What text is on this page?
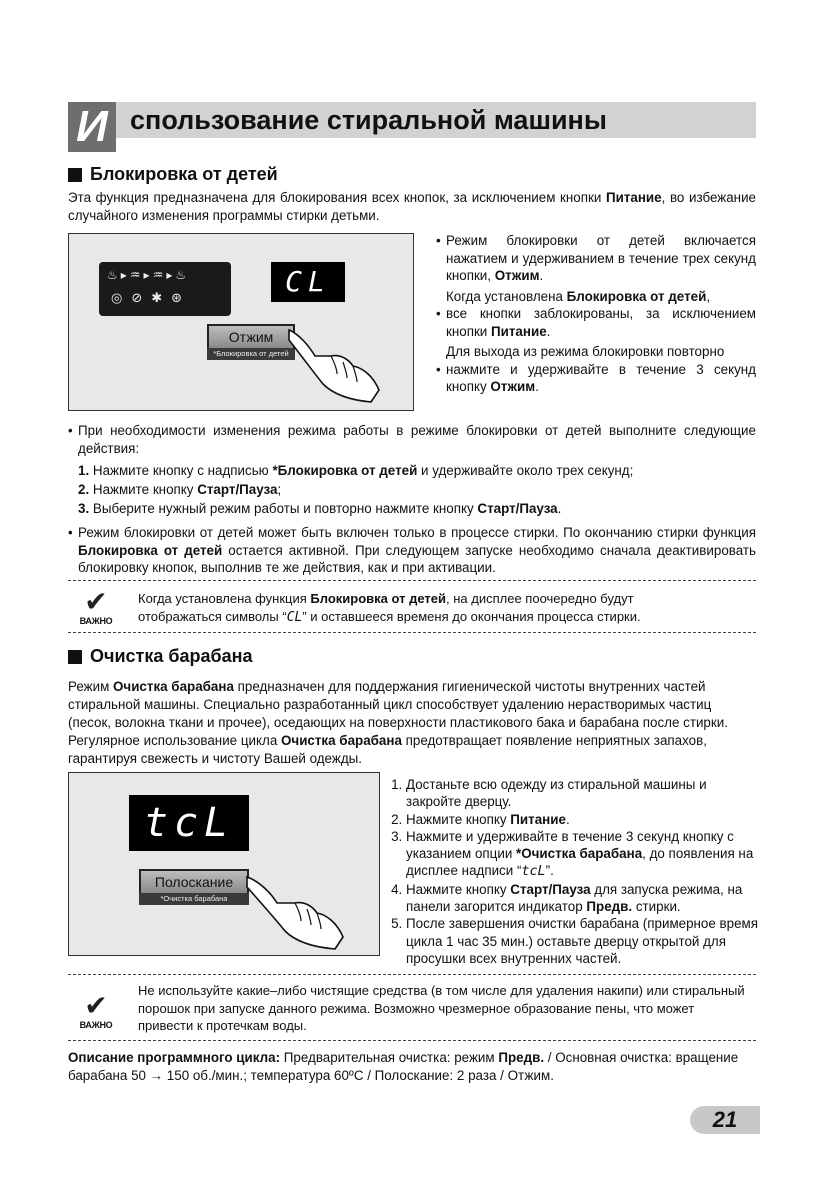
И спользование стиральной машины
Блокировка от детей
Эта функция предназначена для блокирования всех кнопок, за исключением кнопки Питание, во избежание случайного изменения программы стирки детьми.
♨▸♒▸♒▸♨
◎⊘✱⊛	CL
Отжим
*Блокировка от детей
• Режим блокировки от детей включается нажатием и удерживанием в течение трех секунд кнопки, Отжим.
Когда установлена Блокировка от детей,
• все кнопки заблокированы, за исключением кнопки Питание.
Для выхода из режима блокировки повторно
• нажмите и удерживайте в течение 3 секунд кнопку Отжим.
• При необходимости изменения режима работы в режиме блокировки от детей выполните следующие действия:
1. Нажмите кнопку с надписью *Блокировка от детей и удерживайте около трех секунд;
2. Нажмите кнопку Старт/Пауза;
3. Выберите нужный режим работы и повторно нажмите кнопку Старт/Пауза.
• Режим блокировки от детей может быть включен только в процессе стирки. По окончанию стирки функция Блокировка от детей остается активной. При следующем запуске необходимо сначала деактивировать блокировку кнопок, выполнив те же действия, как и при активации.
✔
ВАЖНО
Когда установлена функция Блокировка от детей, на дисплее поочередно будут
отображаться символы “CL” и оставшееся временя до окончания процесса стирки.
Очистка барабана
Режим Очистка барабана предназначен для поддержания гигиенической чистоты внутренних частей стиральной машины. Специально разработанный цикл способствует удалению нерастворимых частиц (песок, волокна ткани и прочее), оседающих на поверхности пластикового бака и барабана после стирки. Регулярное использование цикла Очистка барабана предотвращает появление неприятных запахов, гарантируя свежесть и чистоту Вашей одежды.
tcL
Полоскание
*Очистка барабана
1. Достаньте всю одежду из стиральной машины и закройте дверцу.
2. Нажмите кнопку Питание.
3. Нажмите и удерживайте в течение 3 секунд кнопку с указанием опции *Очистка барабана, до появления на дисплее надписи “tcL”.
4. Нажмите кнопку Старт/Пауза для запуска режима, на панели загорится индикатор Предв. стирки.
5. После завершения очистки барабана (примерное время цикла 1 час 35 мин.) оставьте дверцу открытой для просушки всех внутренних частей.
✔
ВАЖНО
Не используйте какие–либо чистящие средства (в том числе для удаления накипи) или стиральный порошок при запуске данного режима. Возможно чрезмерное образование пены, что может привести к протечкам воды.
Описание программного цикла: Предварительная очистка: режим Предв. / Основная очистка: вращение барабана 50 → 150 об./мин.; температура 60ºC / Полоскание: 2 раза / Отжим.
21
